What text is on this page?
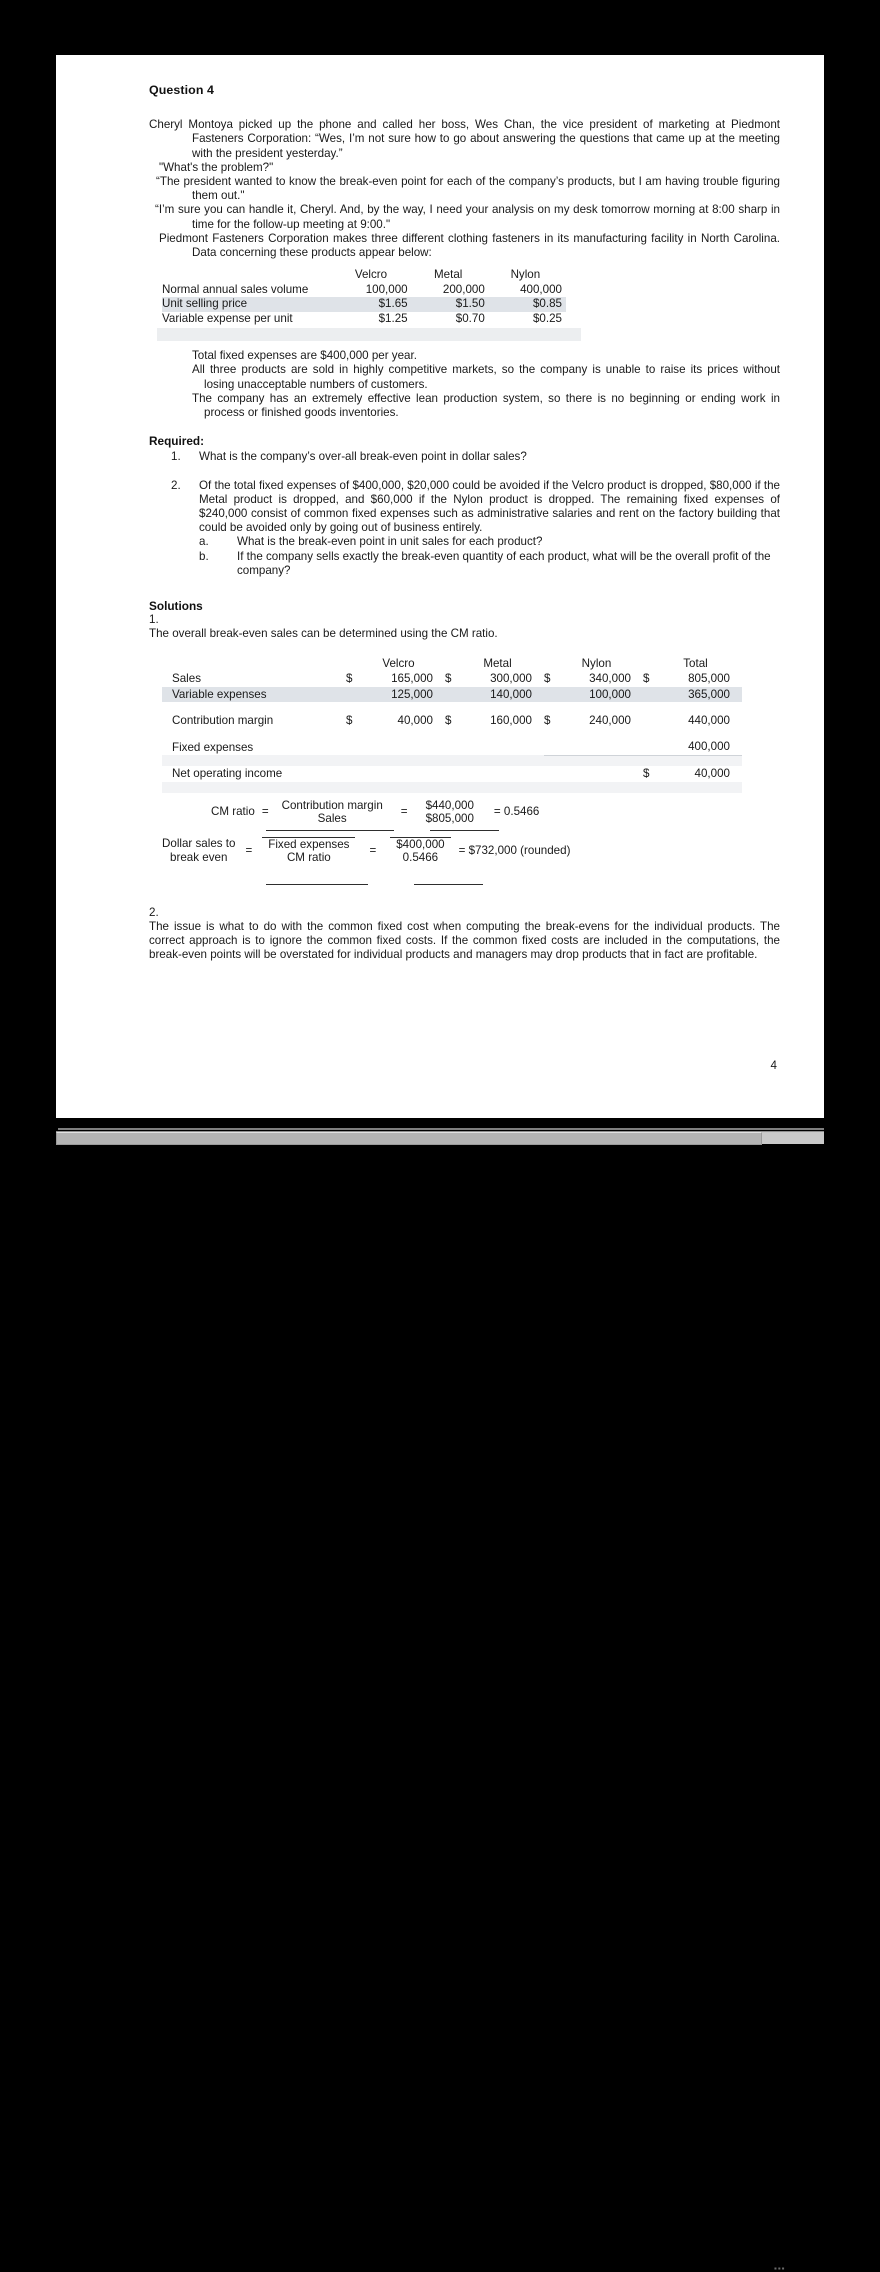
Question 4

Cheryl Montoya picked up the phone and called her boss, Wes Chan, the vice president of marketing at Piedmont Fasteners Corporation: “Wes, I’m not sure how to go about answering the questions that came up at the meeting with the president yesterday.”

"What's the problem?"

“The president wanted to know the break-even point for each of the company’s products, but I am having trouble figuring them out."

“I’m sure you can handle it, Cheryl. And, by the way, I need your analysis on my desk tomorrow morning at 8:00 sharp in time for the follow-up meeting at 9:00."

Piedmont Fasteners Corporation makes three different clothing fasteners in its manufacturing facility in North Carolina. Data concerning these products appear below:

	Velcro	Metal	Nylon
Normal annual sales volume	100,000	200,000	400,000
Unit selling price	$1.65	$1.50	$0.85
Variable expense per unit	$1.25	$0.70	$0.25

Total fixed expenses are $400,000 per year.

All three products are sold in highly competitive markets, so the company is unable to raise its prices without losing unacceptable numbers of customers.

The company has an extremely effective lean production system, so there is no beginning or ending work in process or finished goods inventories.

Required:
1.	What is the company’s over-all break-even point in dollar sales?
2.	Of the total fixed expenses of $400,000, $20,000 could be avoided if the Velcro product is dropped, $80,000 if the Metal product is dropped, and $60,000 if the Nylon product is dropped. The remaining fixed expenses of $240,000 consist of common fixed expenses such as administrative salaries and rent on the factory building that could be avoided only by going out of business entirely.
a.	What is the break-even point in unit sales for each product?
b.	If the company sells exactly the break-even quantity of each product, what will be the overall profit of the company?
Solutions
1.
The overall break-even sales can be determined using the CM ratio.
		Velcro		Metal		Nylon		Total
Sales	$	165,000	$	300,000	$	340,000	$	805,000
Variable expenses		125,000		140,000		100,000		365,000

Contribution margin	$	40,000	$	160,000	$	240,000		440,000

Fixed expenses								400,000

Net operating income							$	40,000

CM ratio =	Contribution margin
Sales
=	$440,000
$805,000
= 0.5466
Dollar sales to
break even
=	Fixed expenses
CM ratio
=	$400,000
0.5466
= $732,000 (rounded)
2.

The issue is what to do with the common fixed cost when computing the break-evens for the individual products. The correct approach is to ignore the common fixed costs. If the common fixed costs are included in the computations, the break-even points will be overstated for individual products and managers may drop products that in fact are profitable.

4
▪▪▪
